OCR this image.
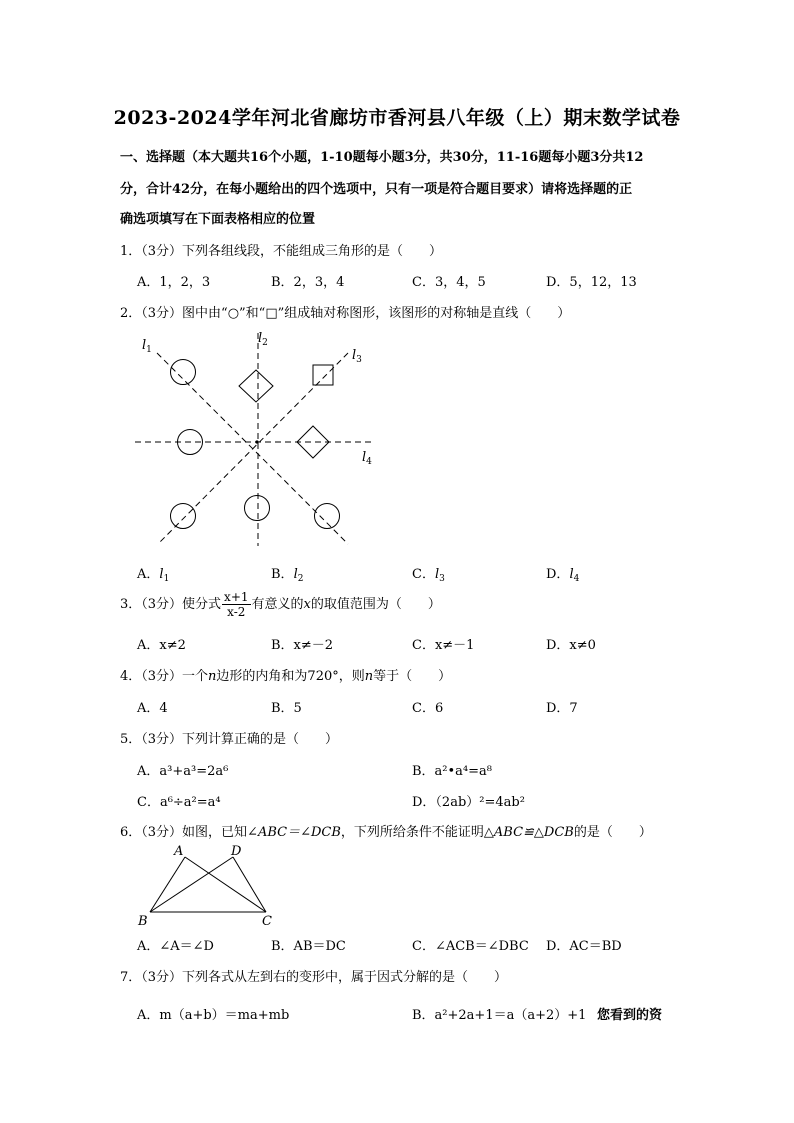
2023-2024学年河北省廊坊市香河县八年级（上）期末数学试卷
一、选择题（本大题共16个小题，1-10题每小题3分，共30分，11-16题每小题3分共12
分，合计42分，在每小题给出的四个选项中，只有一项是符合题目要求）请将选择题的正
确选项填写在下面表格相应的位置
1．（3分）下列各组线段，不能组成三角形的是（　　）
A．1，2，3	B．2，3，4	C．3，4，5	D．5，12，13
2．（3分）图中由“○”和“□”组成轴对称图形，该图形的对称轴是直线（　　）
$l_1$
$l_2$
$l_3$
$l_4$
A．$l_1$	B．$l_2$	C．$l_3$	D．$l_4$
3．（3分）使分式 $\frac{x+1}{x-2}$ 有意义的x的取值范围为（　　）
A．x≠2	B．x≠－2	C．x≠－1	D．x≠0
4．（3分）一个n边形的内角和为720°，则n等于（　　）
A．4	B．5	C．6	D．7
5．（3分）下列计算正确的是（　　）
A．a³+a³=2a⁶	B．a²•a⁴=a⁸
C．a⁶÷a²=a⁴	D．（2ab）²=4ab²
6．（3分）如图，已知∠ABC＝∠DCB，下列所给条件不能证明△ABC≌△DCB的是（　　）
A	D
B	C
A．∠A＝∠D	B．AB＝DC	C．∠ACB＝∠DBC D．AC＝BD
7．（3分）下列各式从左到右的变形中，属于因式分解的是（　　）
A．m（a+b）＝ma+mb	B．a²+2a+1＝a（a+2）+1 您看到的资
